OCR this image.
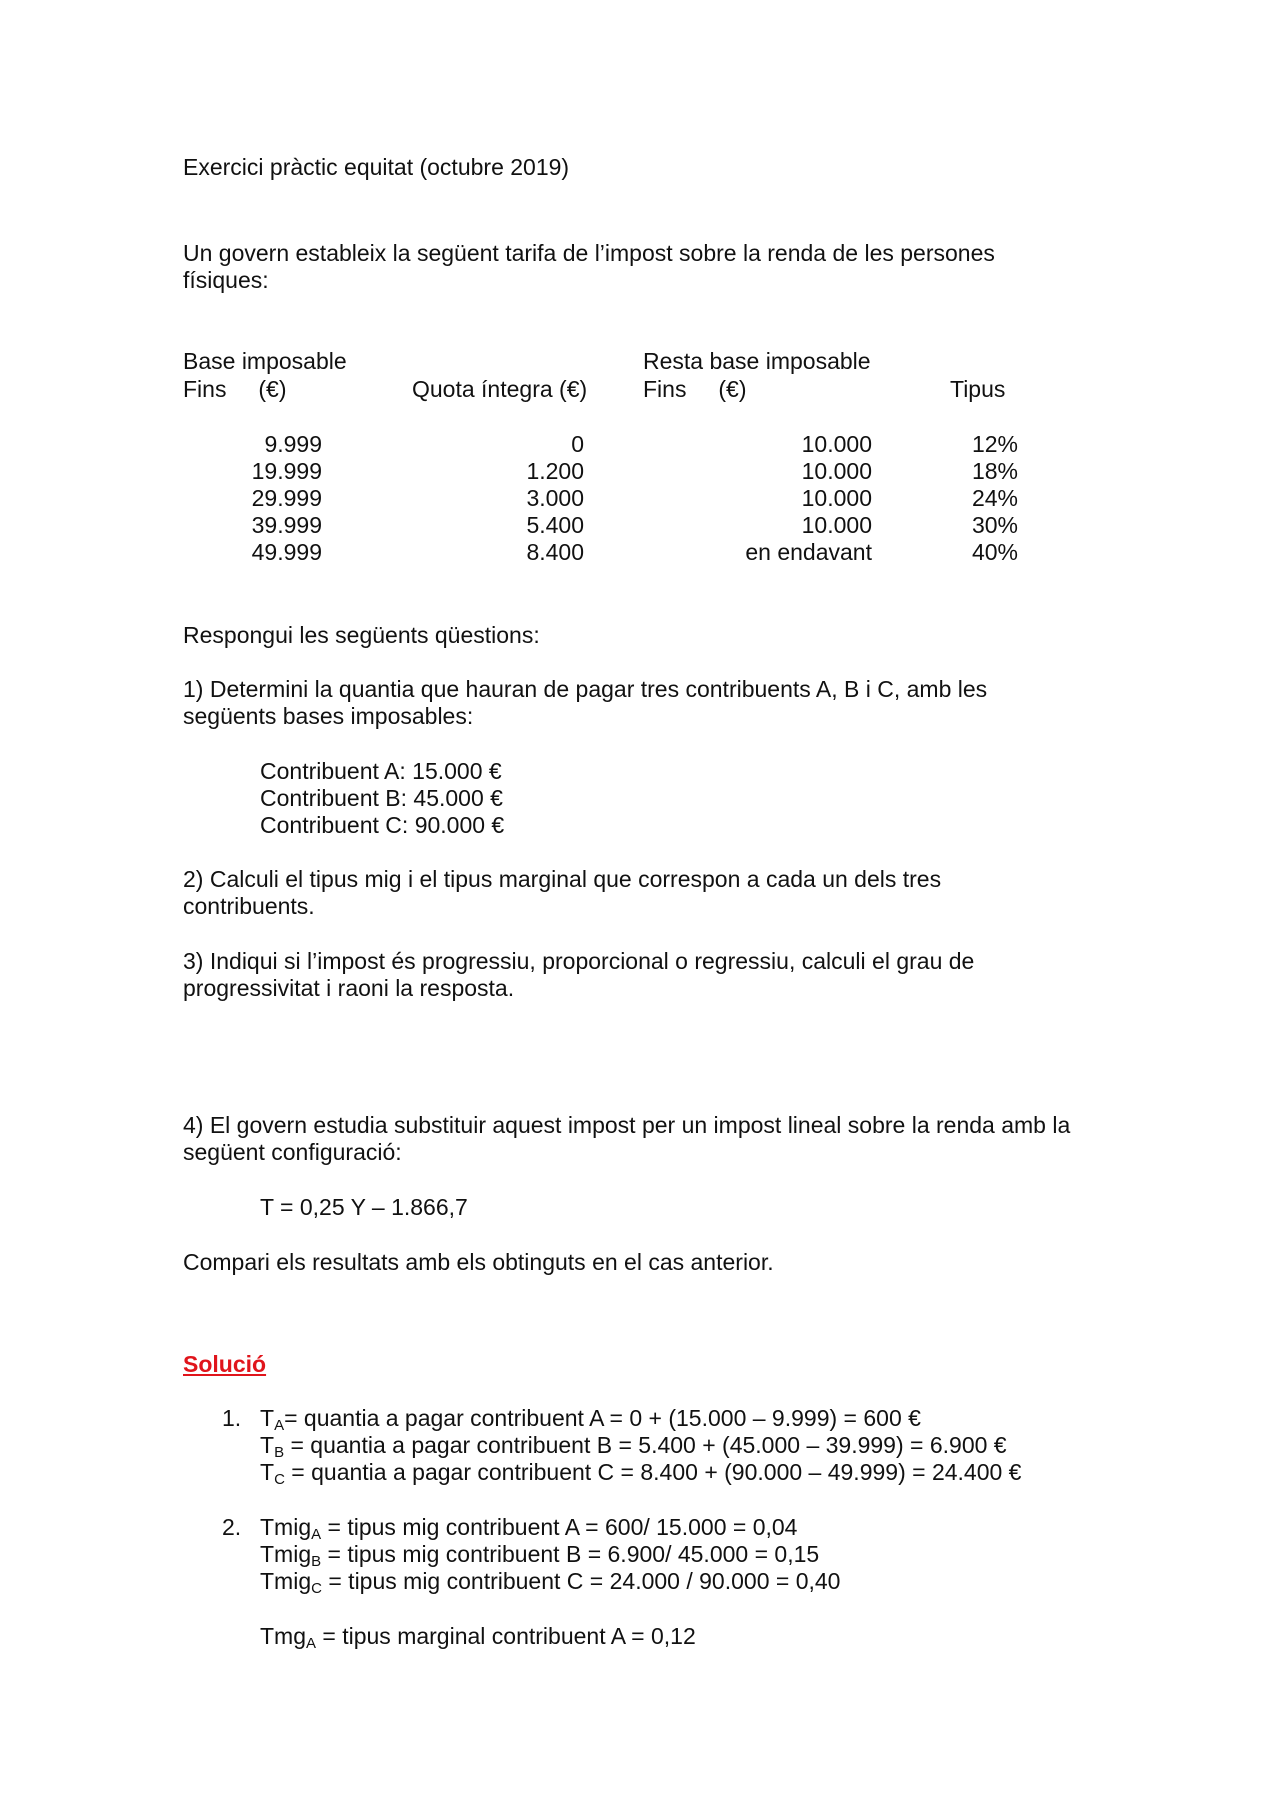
Exercici pràctic equitat (octubre 2019)
Un govern estableix la següent tarifa de l’impost sobre la renda de les persones
físiques:
Base imposable
Fins     (€)	Quota íntegra (€)
Resta base imposable
Fins     (€)	Tipus
9.999	0	10.000	12%
19.999	1.200	10.000	18%
29.999	3.000	10.000	24%
39.999	5.400	10.000	30%
49.999	8.400	en endavant	40%
Respongui les següents qüestions:
1) Determini la quantia que hauran de pagar tres contribuents A, B i C, amb les
següents bases imposables:
Contribuent A: 15.000 €
Contribuent B: 45.000 €
Contribuent C: 90.000 €
2) Calculi el tipus mig i el tipus marginal que correspon a cada un dels tres
contribuents.
3) Indiqui si l’impost és progressiu, proporcional o regressiu, calculi el grau de
progressivitat i raoni la resposta.
4) El govern estudia substituir aquest impost per un impost lineal sobre la renda amb la
següent configuració:
T = 0,25 Y – 1.866,7
Compari els resultats amb els obtinguts en el cas anterior.
Solució
1. $T_A=$ quantia a pagar contribuent A = 0 + (15.000 – 9.999) = 600 €
$T_B$ = quantia a pagar contribuent B = 5.400 + (45.000 – 39.999) = 6.900 €
$T_C$ = quantia a pagar contribuent C = 8.400 + (90.000 – 49.999) = 24.400 €
2. Tmig$_A$ = tipus mig contribuent A = 600/ 15.000 = 0,04
Tmig$_B$ = tipus mig contribuent B = 6.900/ 45.000 = 0,15
Tmig$_C$ = tipus mig contribuent C = 24.000 / 90.000 = 0,40
Tmg$_A$ = tipus marginal contribuent A = 0,12
